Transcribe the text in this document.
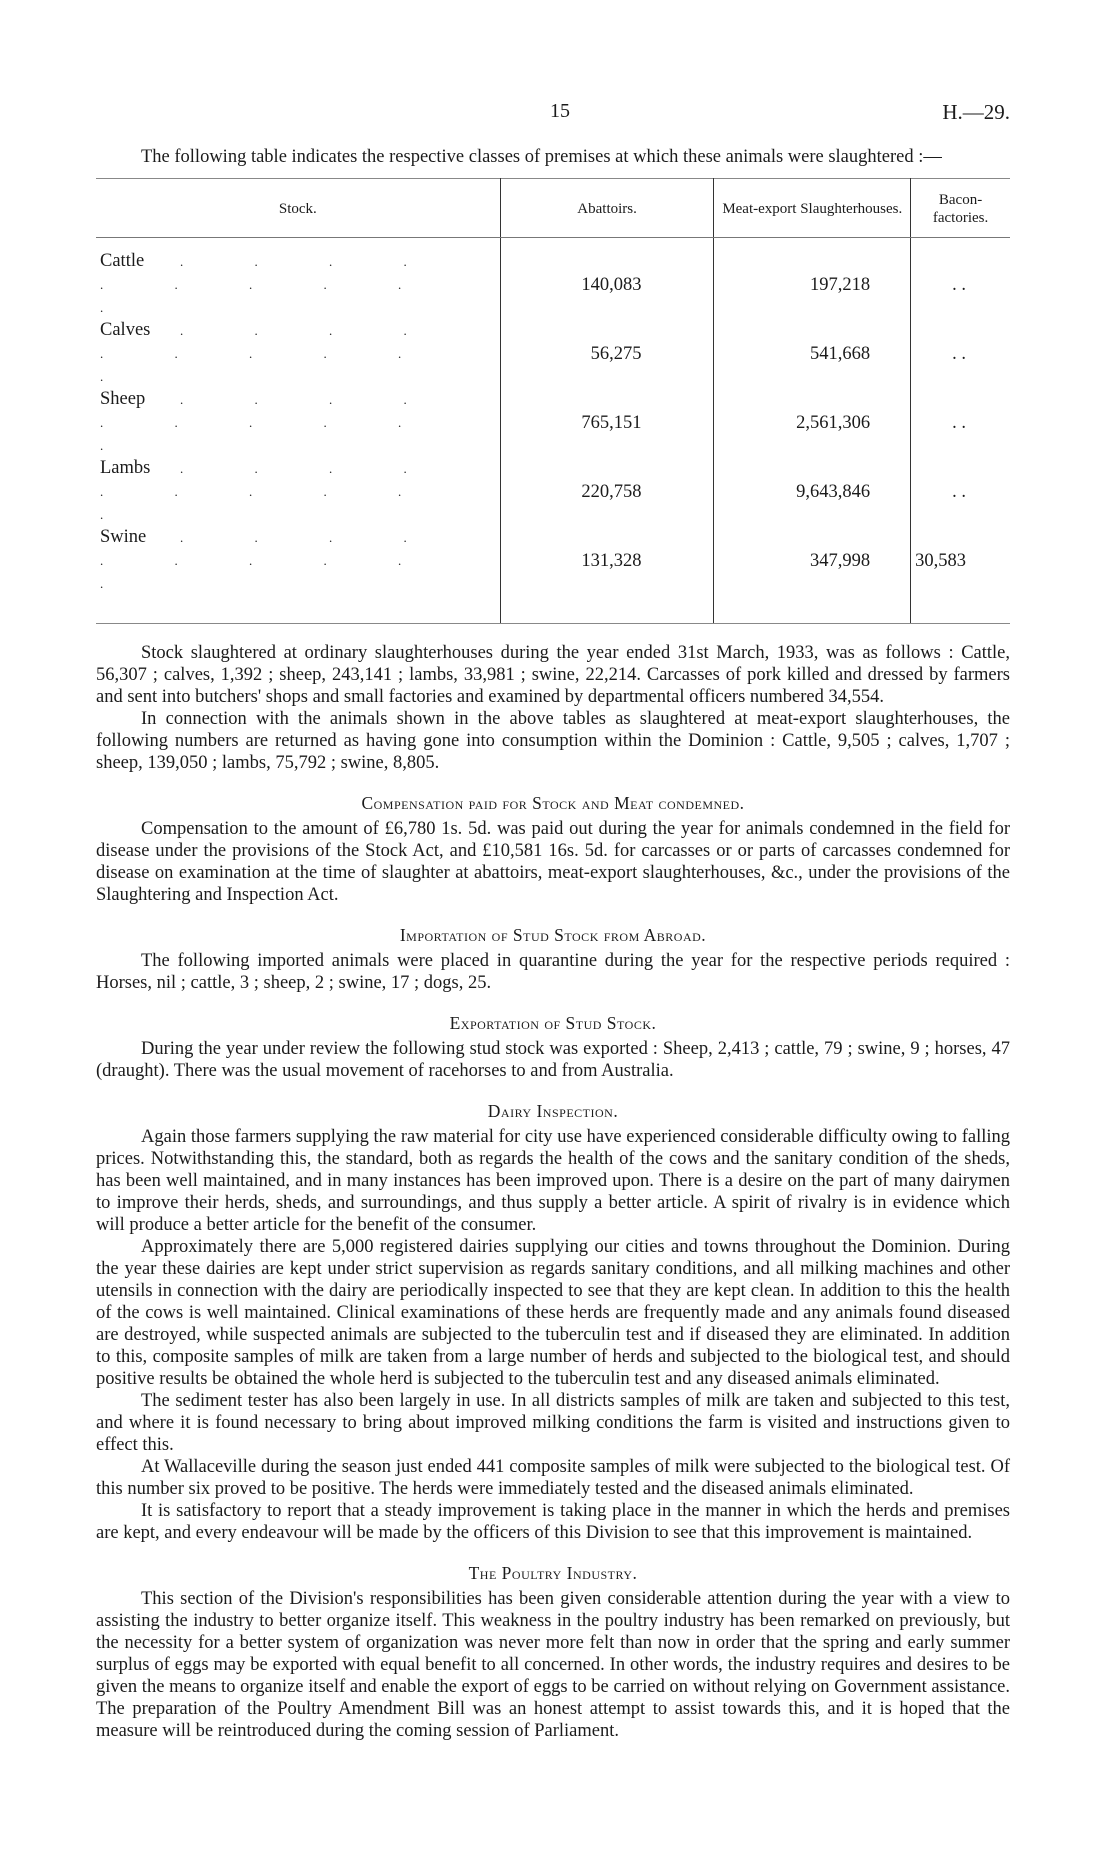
15	H.—29.

The following table indicates the respective classes of premises at which these animals were slaughtered :—

Stock.	Abattoirs.	Meat-export Slaughterhouses.	Bacon-factories.
Cattle . . . . . . . . . .	140,083	197,218	. .
Calves . . . . . . . . . .	56,275	541,668	. .
Sheep . . . . . . . . . .	765,151	2,561,306	. .
Lambs . . . . . . . . . .	220,758	9,643,846	. .
Swine . . . . . . . . . .	131,328	347,998	30,583

Stock slaughtered at ordinary slaughterhouses during the year ended 31st March, 1933, was as follows : Cattle, 56,307 ; calves, 1,392 ; sheep, 243,141 ; lambs, 33,981 ; swine, 22,214. Carcasses of pork killed and dressed by farmers and sent into butchers' shops and small factories and examined by departmental officers numbered 34,554.

In connection with the animals shown in the above tables as slaughtered at meat-export slaughterhouses, the following numbers are returned as having gone into consumption within the Dominion : Cattle, 9,505 ; calves, 1,707 ; sheep, 139,050 ; lambs, 75,792 ; swine, 8,805.

Compensation paid for Stock and Meat condemned.

Compensation to the amount of £6,780 1s. 5d. was paid out during the year for animals condemned in the field for disease under the provisions of the Stock Act, and £10,581 16s. 5d. for carcasses or or parts of carcasses condemned for disease on examination at the time of slaughter at abattoirs, meat-export slaughterhouses, &c., under the provisions of the Slaughtering and Inspection Act.

Importation of Stud Stock from Abroad.

The following imported animals were placed in quarantine during the year for the respective periods required : Horses, nil ; cattle, 3 ; sheep, 2 ; swine, 17 ; dogs, 25.

Exportation of Stud Stock.

During the year under review the following stud stock was exported : Sheep, 2,413 ; cattle, 79 ; swine, 9 ; horses, 47 (draught). There was the usual movement of racehorses to and from Australia.

Dairy Inspection.

Again those farmers supplying the raw material for city use have experienced considerable difficulty owing to falling prices. Notwithstanding this, the standard, both as regards the health of the cows and the sanitary condition of the sheds, has been well maintained, and in many instances has been improved upon. There is a desire on the part of many dairymen to improve their herds, sheds, and surroundings, and thus supply a better article. A spirit of rivalry is in evidence which will produce a better article for the benefit of the consumer.

Approximately there are 5,000 registered dairies supplying our cities and towns throughout the Dominion. During the year these dairies are kept under strict supervision as regards sanitary conditions, and all milking machines and other utensils in connection with the dairy are periodically inspected to see that they are kept clean. In addition to this the health of the cows is well maintained. Clinical examinations of these herds are frequently made and any animals found diseased are destroyed, while suspected animals are subjected to the tuberculin test and if diseased they are eliminated. In addition to this, composite samples of milk are taken from a large number of herds and subjected to the biological test, and should positive results be obtained the whole herd is subjected to the tuberculin test and any diseased animals eliminated.

The sediment tester has also been largely in use. In all districts samples of milk are taken and subjected to this test, and where it is found necessary to bring about improved milking conditions the farm is visited and instructions given to effect this.

At Wallaceville during the season just ended 441 composite samples of milk were subjected to the biological test. Of this number six proved to be positive. The herds were immediately tested and the diseased animals eliminated.

It is satisfactory to report that a steady improvement is taking place in the manner in which the herds and premises are kept, and every endeavour will be made by the officers of this Division to see that this improvement is maintained.

The Poultry Industry.

This section of the Division's responsibilities has been given considerable attention during the year with a view to assisting the industry to better organize itself. This weakness in the poultry industry has been remarked on previously, but the necessity for a better system of organization was never more felt than now in order that the spring and early summer surplus of eggs may be exported with equal benefit to all concerned. In other words, the industry requires and desires to be given the means to organize itself and enable the export of eggs to be carried on without relying on Government assistance. The preparation of the Poultry Amendment Bill was an honest attempt to assist towards this, and it is hoped that the measure will be reintroduced during the coming session of Parliament.
